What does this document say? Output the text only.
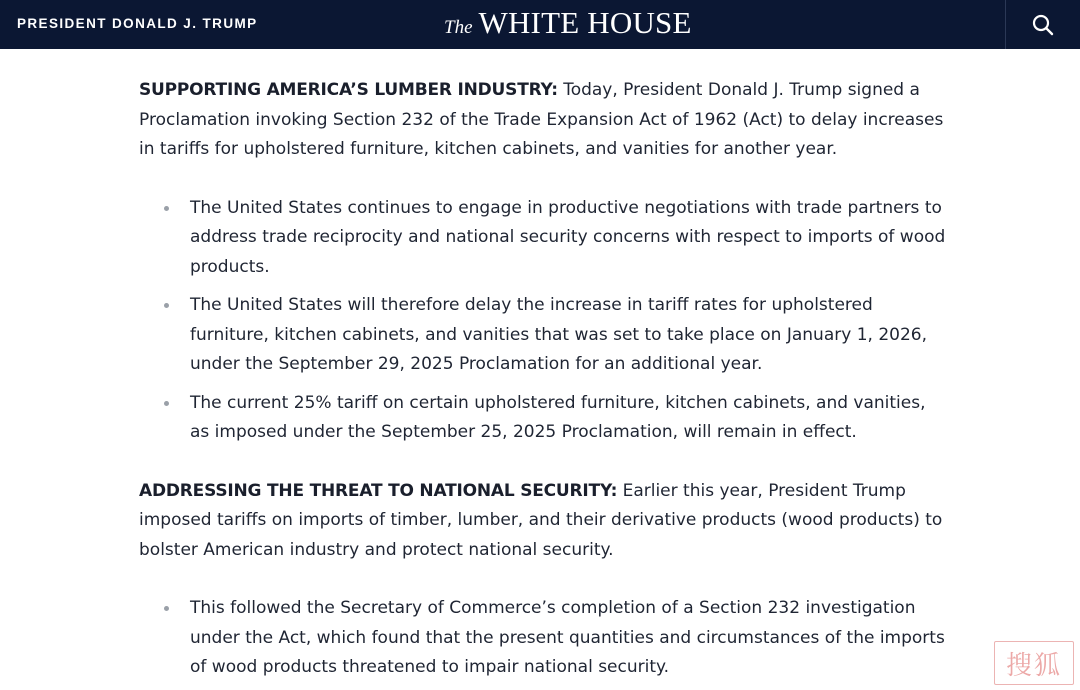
PRESIDENT DONALD J. TRUMP	The WHITE HOUSE

SUPPORTING AMERICA’S LUMBER INDUSTRY: Today, President Donald J. Trump signed a Proclamation invoking Section 232 of the Trade Expansion Act of 1962 (Act) to delay increases in tariffs for upholstered furniture, kitchen cabinets, and vanities for another year.

The United States continues to engage in productive negotiations with trade partners to address trade reciprocity and national security concerns with respect to imports of wood products.
The United States will therefore delay the increase in tariff rates for upholstered furniture, kitchen cabinets, and vanities that was set to take place on January 1, 2026, under the September 29, 2025 Proclamation for an additional year.
The current 25% tariff on certain upholstered furniture, kitchen cabinets, and vanities, as imposed under the September 25, 2025 Proclamation, will remain in effect.

ADDRESSING THE THREAT TO NATIONAL SECURITY: Earlier this year, President Trump imposed tariffs on imports of timber, lumber, and their derivative products (wood products) to bolster American industry and protect national security.

This followed the Secretary of Commerce’s completion of a Section 232 investigation under the Act, which found that the present quantities and circumstances of the imports of wood products threatened to impair national security.	搜狐
